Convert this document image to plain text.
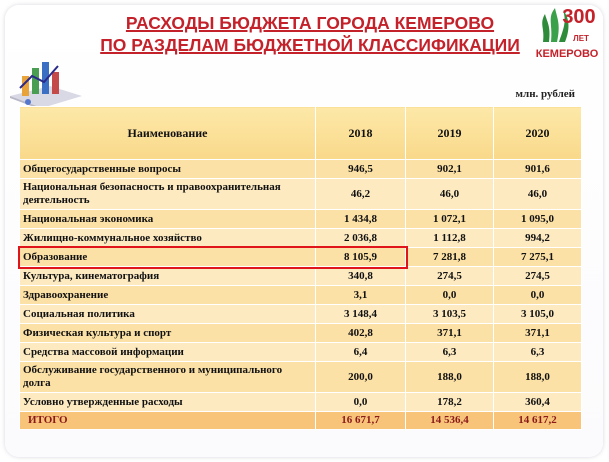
РАСХОДЫ БЮДЖЕТА ГОРОДА КЕМЕРОВО
ПО РАЗДЕЛАМ БЮДЖЕТНОЙ КЛАССИФИКАЦИИ
300
ЛЕТ
КЕМЕРОВО
млн. рублей
Наименование	2018	2019	2020
Общегосударственные вопросы	946,5	902,1	901,6
Национальная безопасность и правоохранительная деятельность	46,2	46,0	46,0
Национальная экономика	1 434,8	1 072,1	1 095,0
Жилищно-коммунальное хозяйство	2 036,8	1 112,8	994,2
Образование	8 105,9	7 281,8	7 275,1
Культура, кинематография	340,8	274,5	274,5
Здравоохранение	3,1	0,0	0,0
Социальная политика	3 148,4	3 103,5	3 105,0
Физическая культура и спорт	402,8	371,1	371,1
Средства массовой информации	6,4	6,3	6,3
Обслуживание государственного и муниципального долга	200,0	188,0	188,0
Условно утвержденные расходы	0,0	178,2	360,4
ИТОГО	16 671,7	14 536,4	14 617,2
